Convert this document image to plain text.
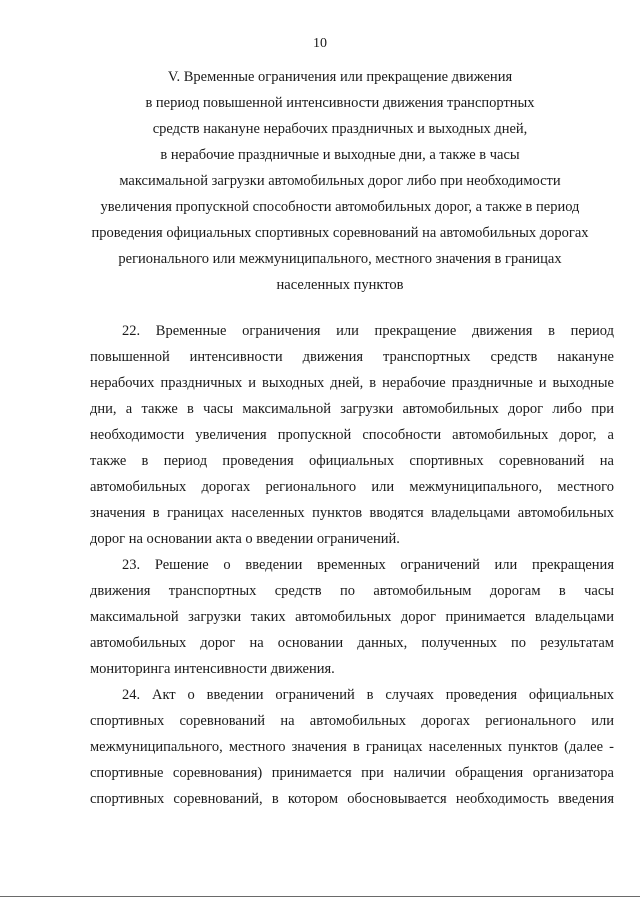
10
V. Временные ограничения или прекращение движения
в период повышенной интенсивности движения транспортных
средств накануне нерабочих праздничных и выходных дней,
в нерабочие праздничные и выходные дни, а также в часы
максимальной загрузки автомобильных дорог либо при необходимости
увеличения пропускной способности автомобильных дорог, а также в период
проведения официальных спортивных соревнований на автомобильных дорогах
регионального или межмуниципального, местного значения в границах
населенных пунктов
22. Временные ограничения или прекращение движения в период
повышенной интенсивности движения транспортных средств накануне
нерабочих праздничных и выходных дней, в нерабочие праздничные и выходные
дни, а также в часы максимальной загрузки автомобильных дорог либо при
необходимости увеличения пропускной способности автомобильных дорог, а
также в период проведения официальных спортивных соревнований на
автомобильных дорогах регионального или межмуниципального, местного
значения в границах населенных пунктов вводятся владельцами автомобильных
дорог на основании акта о введении ограничений.
23. Решение о введении временных ограничений или прекращения
движения транспортных средств по автомобильным дорогам в часы
максимальной загрузки таких автомобильных дорог принимается владельцами
автомобильных дорог на основании данных, полученных по результатам
мониторинга интенсивности движения.
24. Акт о введении ограничений в случаях проведения официальных
спортивных соревнований на автомобильных дорогах регионального или
межмуниципального, местного значения в границах населенных пунктов (далее -
спортивные соревнования) принимается при наличии обращения организатора
спортивных соревнований, в котором обосновывается необходимость введения
